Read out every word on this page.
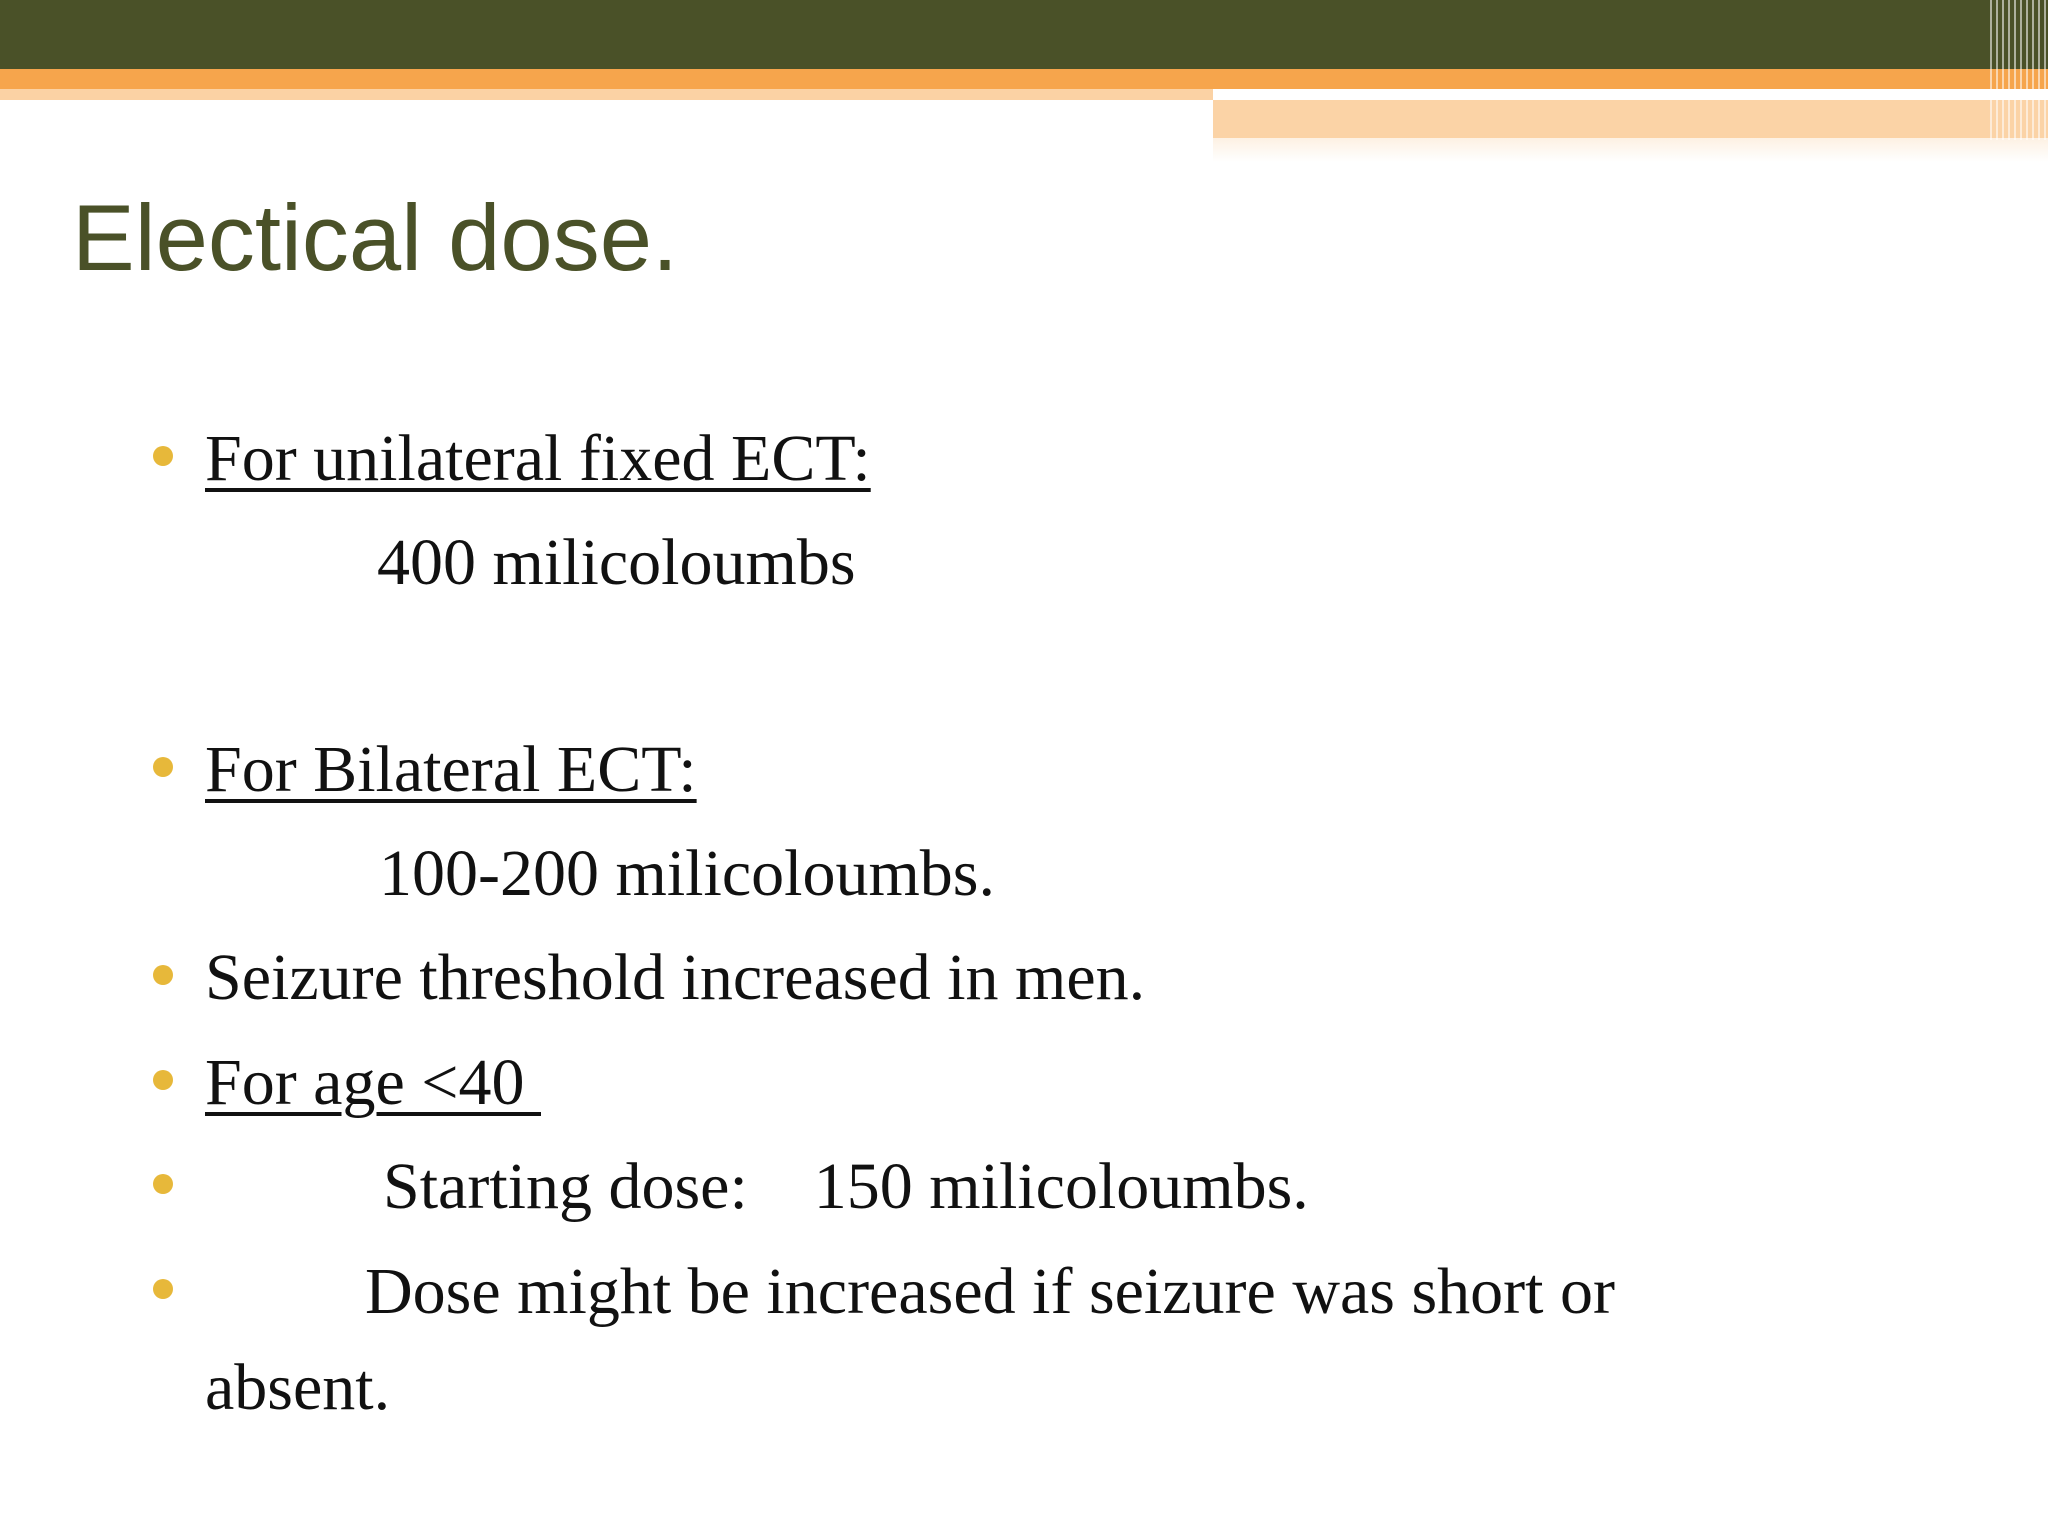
Electical dose.

For unilateral fixed ECT:

400 milicoloumbs

For Bilateral ECT:

100-200 milicoloumbs.

Seizure threshold increased in men.

For age <40

Starting dose:    150 milicoloumbs.

Dose might be increased if seizure was short or

absent.
